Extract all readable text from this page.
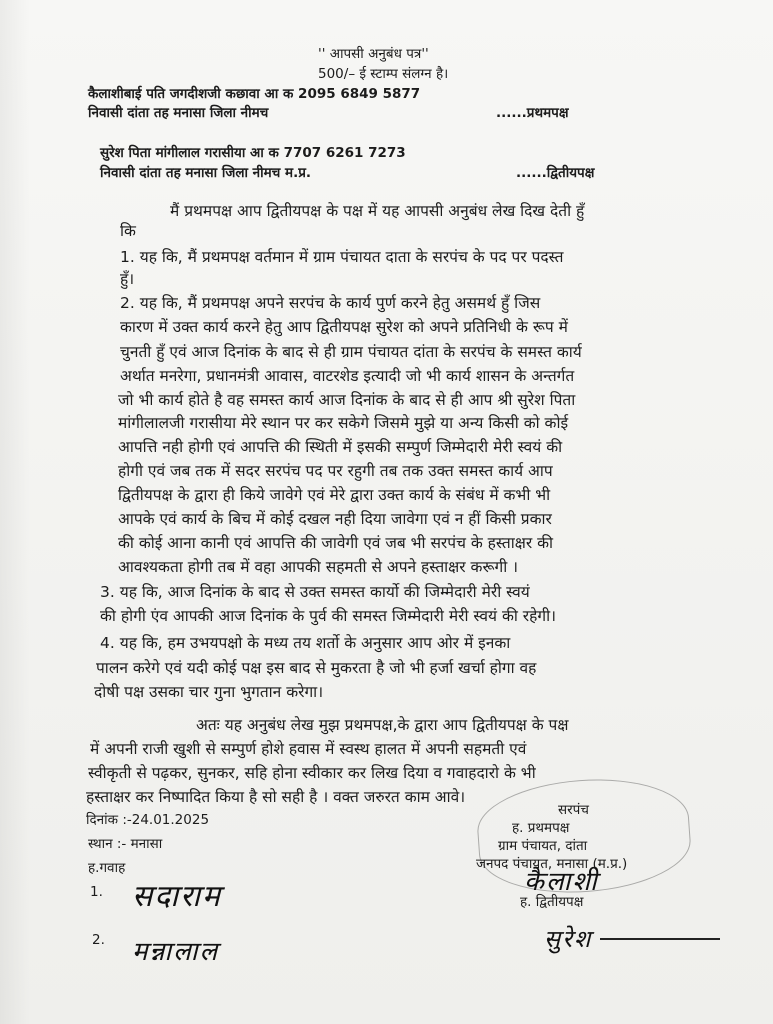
'' आपसी अनुबंध पत्र''
500/– ई स्टाम्प संलग्न है।
कैलाशीबाई पति जगदीशजी कछावा आ क 2095 6849 5877
निवासी दांता तह मनासा जिला नीमच	......प्रथमपक्ष
सुरेश पिता मांगीलाल गरासीया आ क 7707 6261 7273
निवासी दांता तह मनासा जिला नीमच म.प्र.	......द्वितीयपक्ष
मैं प्रथमपक्ष आप द्वितीयपक्ष के पक्ष में यह आपसी अनुबंध लेख दिख देती हुँ
कि
1. यह कि, मैं प्रथमपक्ष वर्तमान में ग्राम पंचायत दाता के सरपंच के पद पर पदस्त
हुँ।
2. यह कि, मैं प्रथमपक्ष अपने सरपंच के कार्य पुर्ण करने हेतु असमर्थ हुँ जिस
कारण में उक्त कार्य करने हेतु आप द्वितीयपक्ष सुरेश को अपने प्रतिनिधी के रूप में
चुनती हुँ एवं आज दिनांक के बाद से ही ग्राम पंचायत दांता के सरपंच के समस्त कार्य
अर्थात मनरेगा, प्रधानमंत्री आवास, वाटरशेड इत्यादी जो भी कार्य शासन के अन्तर्गत
जो भी कार्य होते है वह समस्त कार्य आज दिनांक के बाद से ही आप श्री सुरेश पिता
मांगीलालजी गरासीया मेरे स्थान पर कर सकेगे जिसमे मुझे या अन्य किसी को कोई
आपत्ति नही होगी एवं आपत्ति की स्थिती में इसकी सम्पुर्ण जिम्मेदारी मेरी स्वयं की
होगी एवं जब तक में सदर सरपंच पद पर रहुगी तब तक उक्त समस्त कार्य आप
द्वितीयपक्ष के द्वारा ही किये जावेगे एवं मेरे द्वारा उक्त कार्य के संबंध में कभी भी
आपके एवं कार्य के बिच में कोई दखल नही दिया जावेगा एवं न हीं किसी प्रकार
की कोई आना कानी एवं आपत्ति की जावेगी एवं जब भी सरपंच के हस्ताक्षर की
आवश्यकता होगी तब में वहा आपकी सहमती से अपने हस्ताक्षर करूगी ।
3. यह कि, आज दिनांक के बाद से उक्त समस्त कार्यो की जिम्मेदारी मेरी स्वयं
की होगी एंव आपकी आज दिनांक के पुर्व की समस्त जिम्मेदारी मेरी स्वयं की रहेगी।
4. यह कि, हम उभयपक्षो के मध्य तय शर्तो के अनुसार आप ओर में इनका
पालन करेगे एवं यदी कोई पक्ष इस बाद से मुकरता है जो भी हर्जा खर्चा होगा वह
दोषी पक्ष उसका चार गुना भुगतान करेगा।
अतः यह अनुबंध लेख मुझ प्रथमपक्ष,के द्वारा आप द्वितीयपक्ष के पक्ष
में अपनी राजी खुशी से सम्पुर्ण होशे हवास में स्वस्थ हालत में अपनी सहमती एवं
स्वीकृती से पढ़कर, सुनकर, सहि होना स्वीकार कर लिख दिया व गवाहदारो के भी
हस्ताक्षर कर निष्पादित किया है सो सही है । वक्त जरुरत काम आवे।
दिनांक :-24.01.2025
स्थान :- मनासा
ह.गवाह
1.
2.
सरपंच
ह. प्रथमपक्ष
ग्राम पंचायत, दांता
जनपद पंचायत, मनासा (म.प्र.)
ह. द्वितीयपक्ष
सदाराम
मन्नालाल
कैलाशी
सुरेश
